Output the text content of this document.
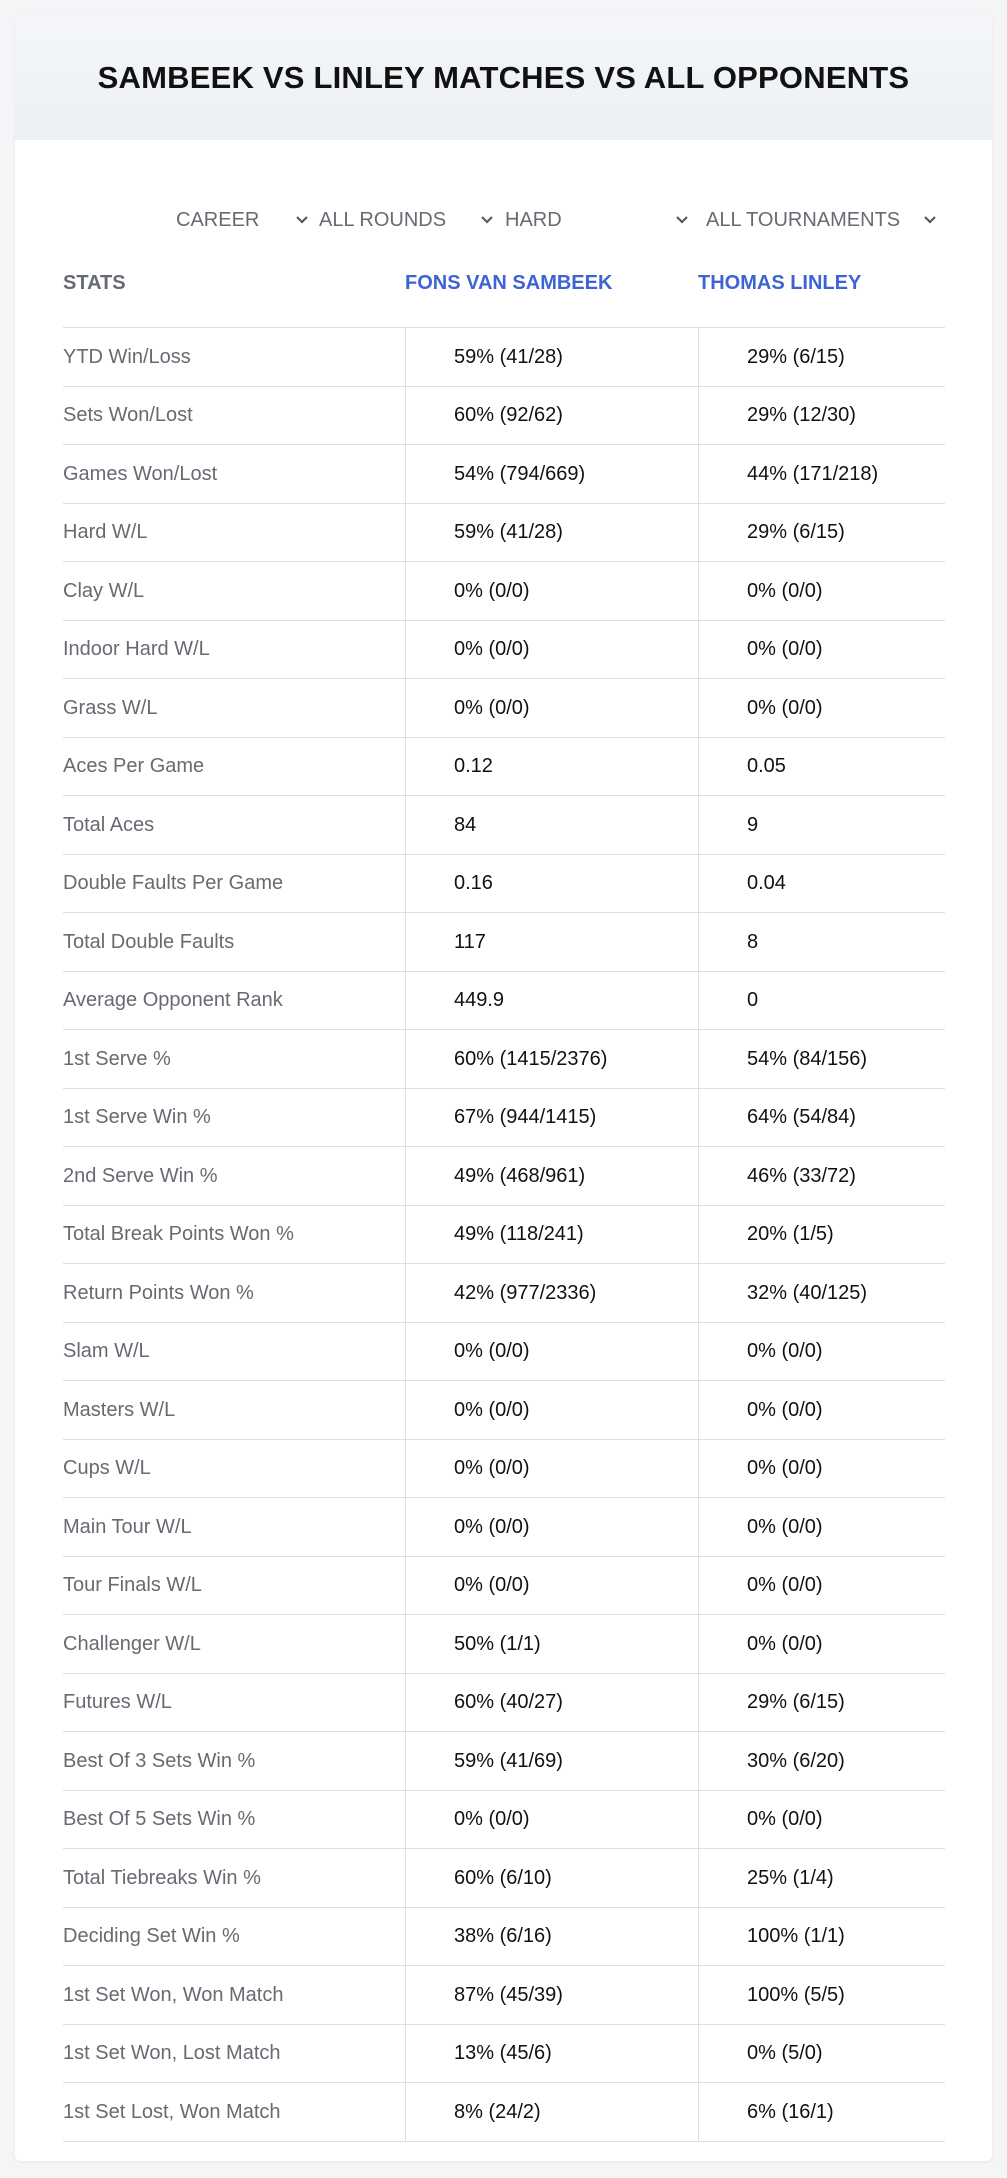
SAMBEEK VS LINLEY MATCHES VS ALL OPPONENTS
CAREER	ALL ROUNDS	HARD	ALL TOURNAMENTS
STATS	FONS VAN SAMBEEK	THOMAS LINLEY
YTD Win/Loss	59% (41/28)	29% (6/15)
Sets Won/Lost	60% (92/62)	29% (12/30)
Games Won/Lost	54% (794/669)	44% (171/218)
Hard W/L	59% (41/28)	29% (6/15)
Clay W/L	0% (0/0)	0% (0/0)
Indoor Hard W/L	0% (0/0)	0% (0/0)
Grass W/L	0% (0/0)	0% (0/0)
Aces Per Game	0.12	0.05
Total Aces	84	9
Double Faults Per Game	0.16	0.04
Total Double Faults	117	8
Average Opponent Rank	449.9	0
1st Serve %	60% (1415/2376)	54% (84/156)
1st Serve Win %	67% (944/1415)	64% (54/84)
2nd Serve Win %	49% (468/961)	46% (33/72)
Total Break Points Won %	49% (118/241)	20% (1/5)
Return Points Won %	42% (977/2336)	32% (40/125)
Slam W/L	0% (0/0)	0% (0/0)
Masters W/L	0% (0/0)	0% (0/0)
Cups W/L	0% (0/0)	0% (0/0)
Main Tour W/L	0% (0/0)	0% (0/0)
Tour Finals W/L	0% (0/0)	0% (0/0)
Challenger W/L	50% (1/1)	0% (0/0)
Futures W/L	60% (40/27)	29% (6/15)
Best Of 3 Sets Win %	59% (41/69)	30% (6/20)
Best Of 5 Sets Win %	0% (0/0)	0% (0/0)
Total Tiebreaks Win %	60% (6/10)	25% (1/4)
Deciding Set Win %	38% (6/16)	100% (1/1)
1st Set Won, Won Match	87% (45/39)	100% (5/5)
1st Set Won, Lost Match	13% (45/6)	0% (5/0)
1st Set Lost, Won Match	8% (24/2)	6% (16/1)
